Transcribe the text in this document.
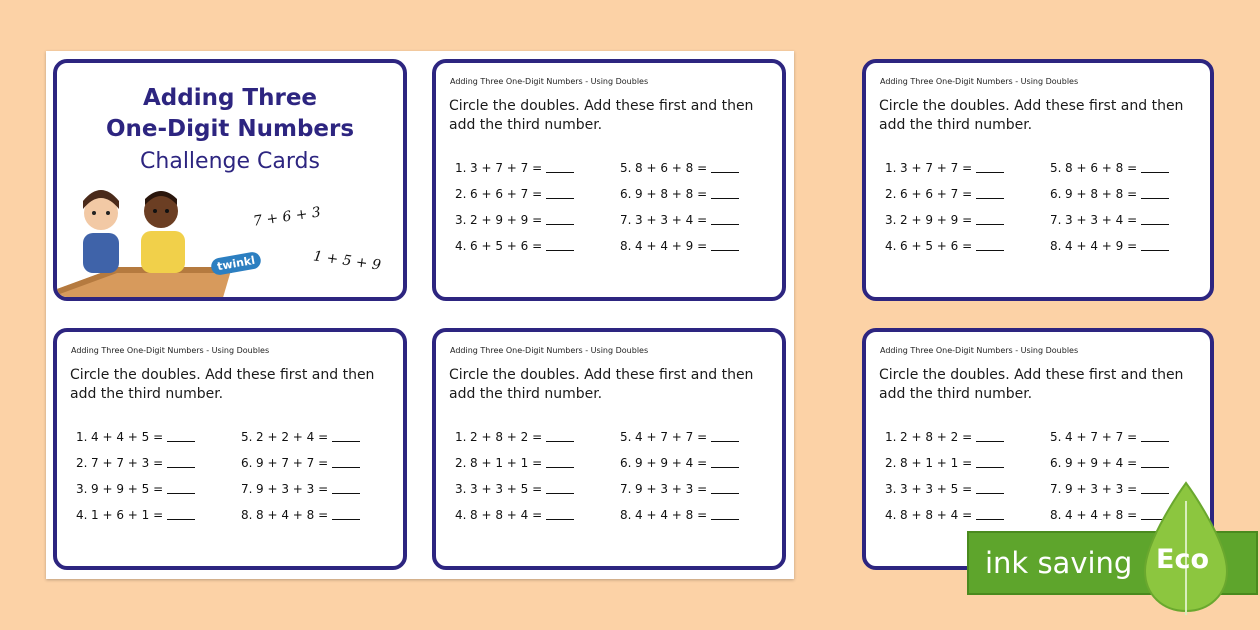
Adding Three
One-Digit Numbers
Challenge Cards
7 + 6 + 3
1 + 5 + 9
twinkl
Adding Three One-Digit Numbers - Using Doubles
Circle the doubles. Add these first and then add the third number.
1. 3 + 7 + 7 =
2. 6 + 6 + 7 =
3. 2 + 9 + 9 =
4. 6 + 5 + 6 =
5. 8 + 6 + 8 =
6. 9 + 8 + 8 =
7. 3 + 3 + 4 =
8. 4 + 4 + 9 =
Adding Three One-Digit Numbers - Using Doubles
Circle the doubles. Add these first and then add the third number.
1. 4 + 4 + 5 =
2. 7 + 7 + 3 =
3. 9 + 9 + 5 =
4. 1 + 6 + 1 =
5. 2 + 2 + 4 =
6. 9 + 7 + 7 =
7. 9 + 3 + 3 =
8. 8 + 4 + 8 =
Adding Three One-Digit Numbers - Using Doubles
Circle the doubles. Add these first and then add the third number.
1. 2 + 8 + 2 =
2. 8 + 1 + 1 =
3. 3 + 3 + 5 =
4. 8 + 8 + 4 =
5. 4 + 7 + 7 =
6. 9 + 9 + 4 =
7. 9 + 3 + 3 =
8. 4 + 4 + 8 =
Adding Three One-Digit Numbers - Using Doubles
Circle the doubles. Add these first and then add the third number.
1. 3 + 7 + 7 =
2. 6 + 6 + 7 =
3. 2 + 9 + 9 =
4. 6 + 5 + 6 =
5. 8 + 6 + 8 =
6. 9 + 8 + 8 =
7. 3 + 3 + 4 =
8. 4 + 4 + 9 =
Adding Three One-Digit Numbers - Using Doubles
Circle the doubles. Add these first and then add the third number.
1. 2 + 8 + 2 =
2. 8 + 1 + 1 =
3. 3 + 3 + 5 =
4. 8 + 8 + 4 =
5. 4 + 7 + 7 =
6. 9 + 9 + 4 =
7. 9 + 3 + 3 =
8. 4 + 4 + 8 =
ink saving Eco
